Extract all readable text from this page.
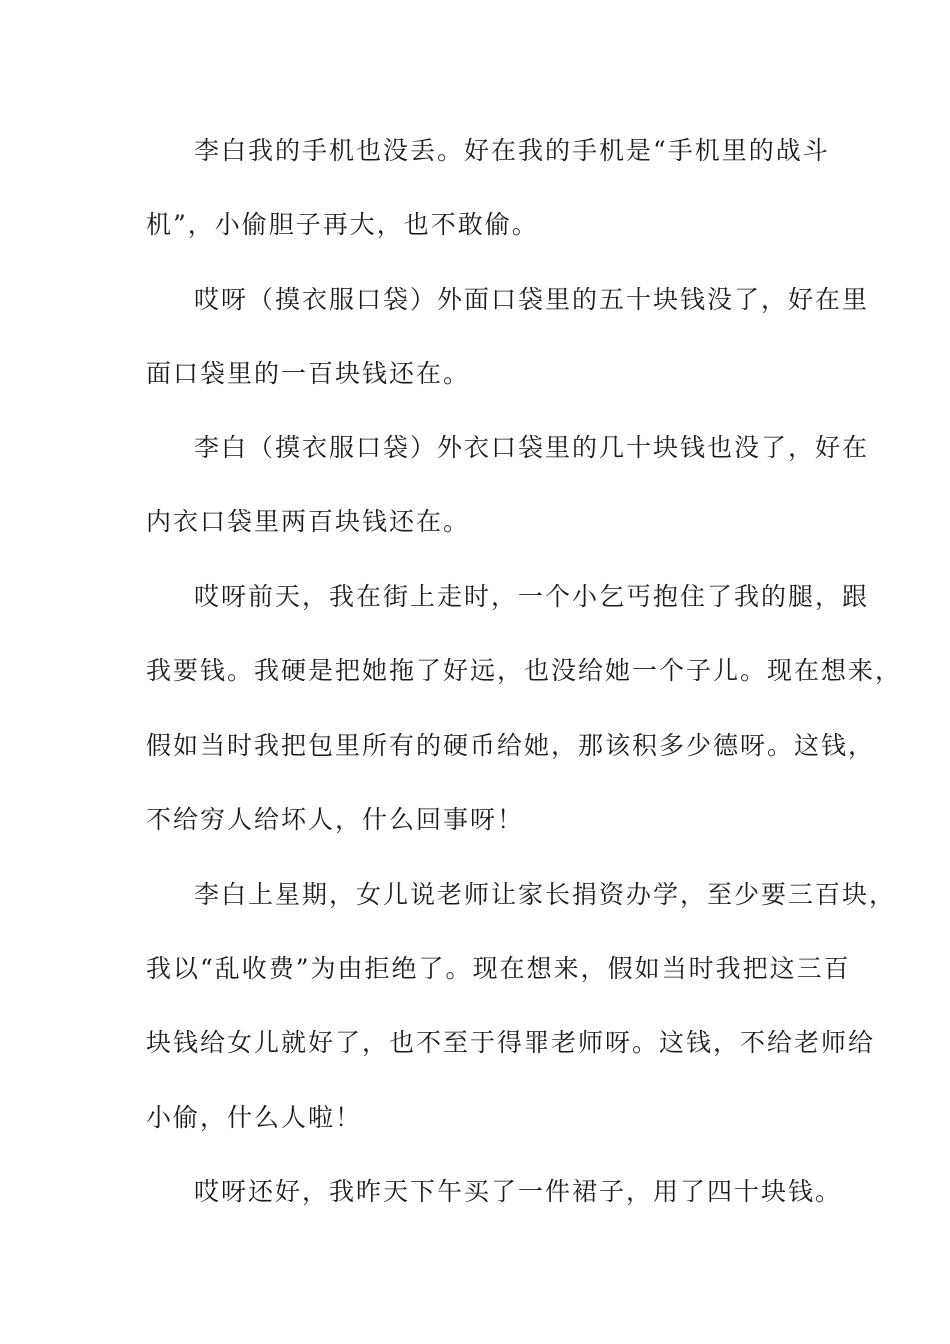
李白我的手机也没丢。好在我的手机是“手机里的战斗

机”，小偷胆子再大，也不敢偷。

哎呀（摸衣服口袋）外面口袋里的五十块钱没了，好在里

面口袋里的一百块钱还在。

李白（摸衣服口袋）外衣口袋里的几十块钱也没了，好在

内衣口袋里两百块钱还在。

哎呀前天，我在街上走时，一个小乞丐抱住了我的腿，跟

我要钱。我硬是把她拖了好远，也没给她一个子儿。现在想来，

假如当时我把包里所有的硬币给她，那该积多少德呀。这钱，

不给穷人给坏人，什么回事呀！

李白上星期，女儿说老师让家长捐资办学，至少要三百块，

我以“乱收费”为由拒绝了。现在想来，假如当时我把这三百

块钱给女儿就好了，也不至于得罪老师呀。这钱，不给老师给

小偷，什么人啦！

哎呀还好，我昨天下午买了一件裙子，用了四十块钱。
